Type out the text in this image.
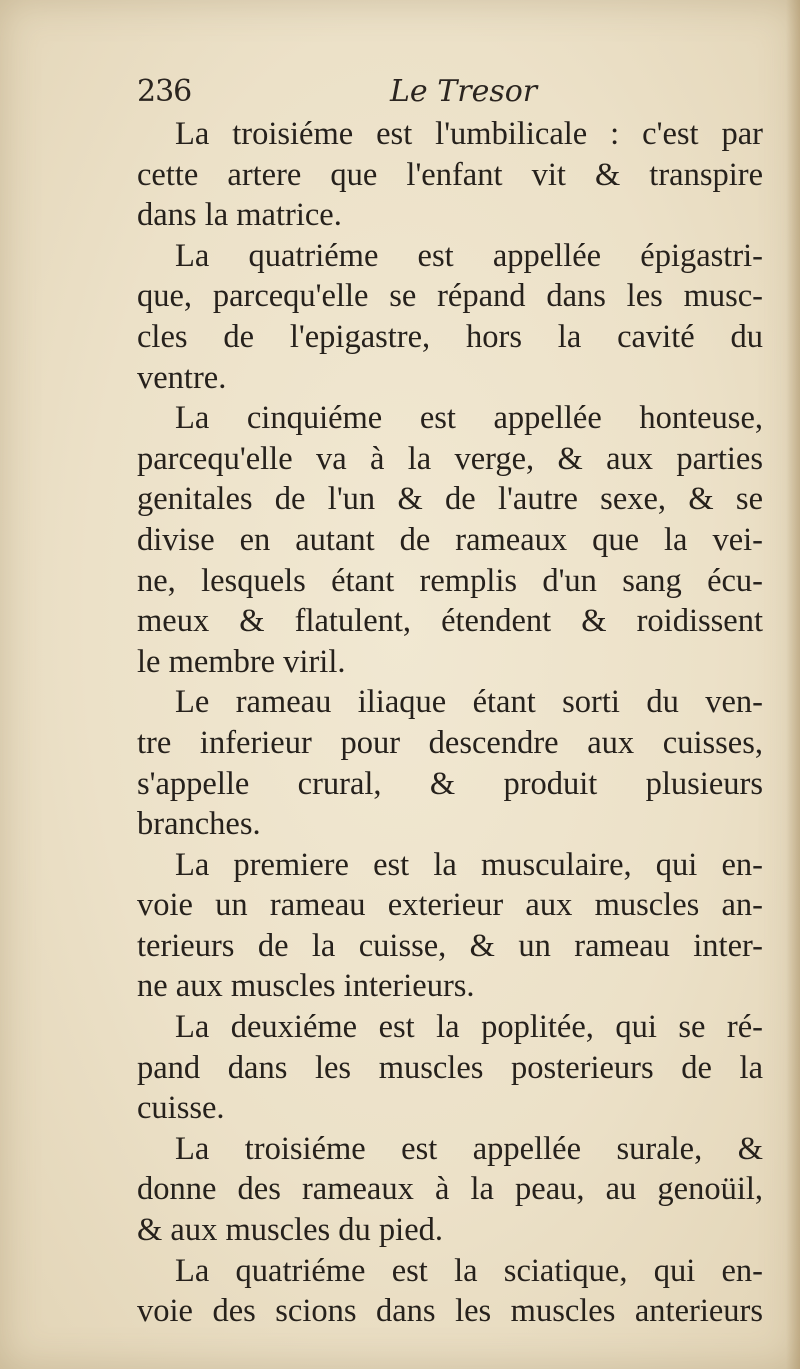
236	Le Tresor
La troisiéme est l'umbilicale : c'est par
cette artere que l'enfant vit & transpire
dans la matrice.
La quatriéme est appellée épigastri-
que, parcequ'elle se répand dans les musc-
cles de l'epigastre, hors la cavité du
ventre.
La cinquiéme est appellée honteuse,
parcequ'elle va à la verge, & aux parties
genitales de l'un & de l'autre sexe, & se
divise en autant de rameaux que la vei-
ne, lesquels étant remplis d'un sang écu-
meux & flatulent, étendent & roidissent
le membre viril.
Le rameau iliaque étant sorti du ven-
tre inferieur pour descendre aux cuisses,
s'appelle crural, & produit plusieurs
branches.
La premiere est la musculaire, qui en-
voie un rameau exterieur aux muscles an-
terieurs de la cuisse, & un rameau inter-
ne aux muscles interieurs.
La deuxiéme est la poplitée, qui se ré-
pand dans les muscles posterieurs de la
cuisse.
La troisiéme est appellée surale, &
donne des rameaux à la peau, au genoüil,
& aux muscles du pied.
La quatriéme est la sciatique, qui en-
voie des scions dans les muscles anterieurs
